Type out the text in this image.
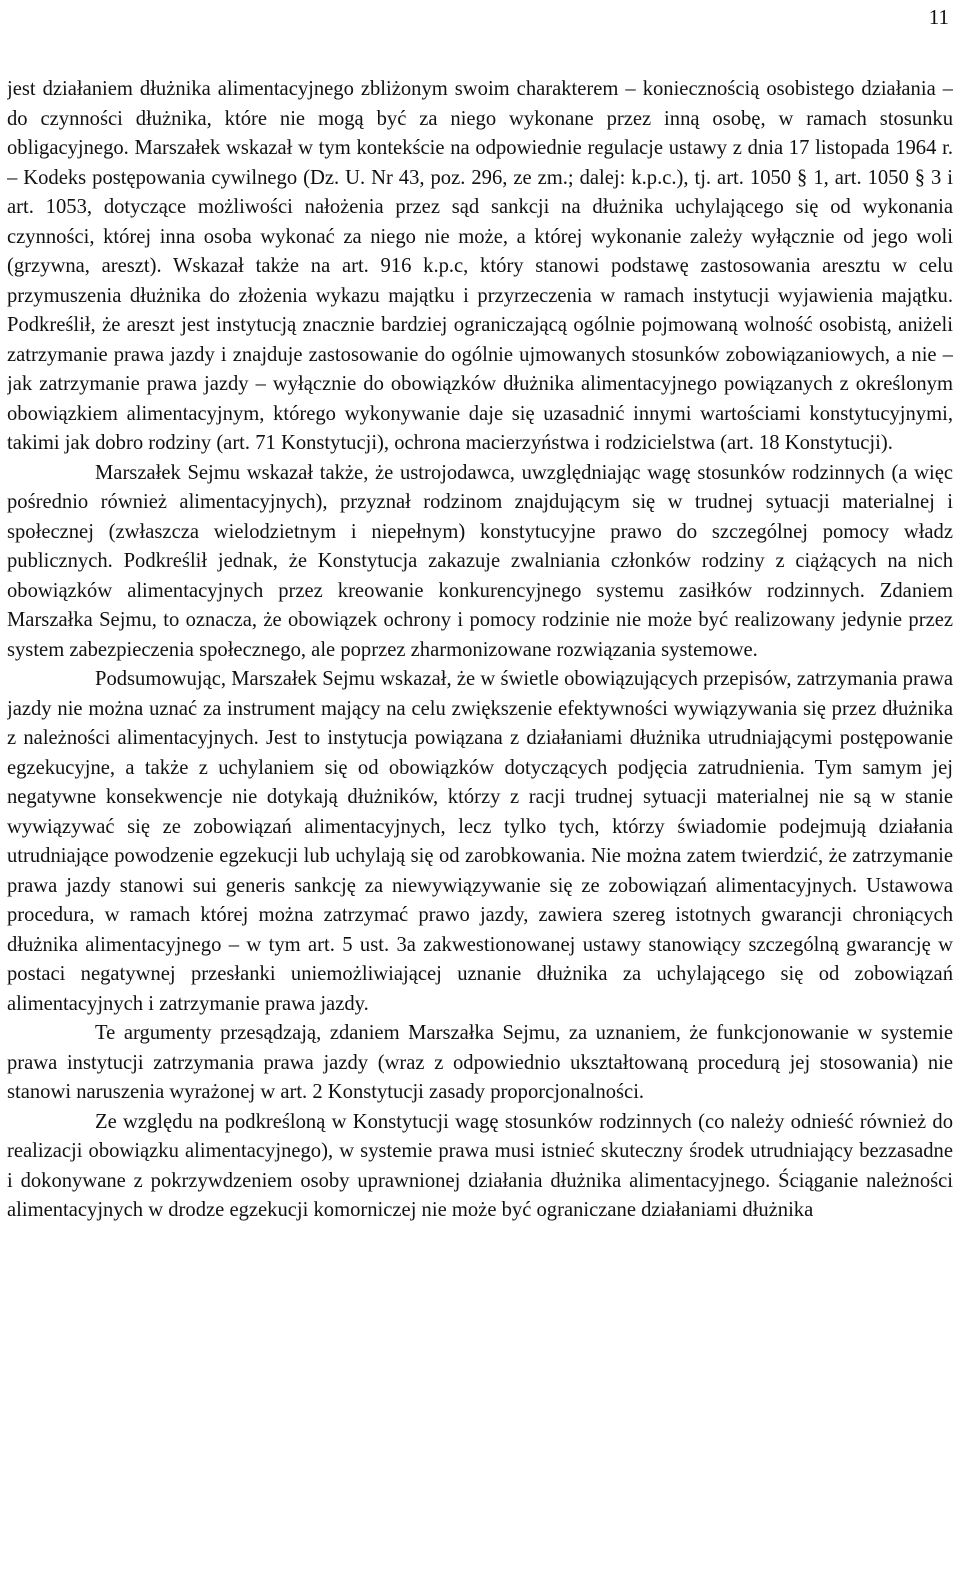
11

jest działaniem dłużnika alimentacyjnego zbliżonym swoim charakterem – koniecznością osobistego działania – do czynności dłużnika, które nie mogą być za niego wykonane przez inną osobę, w ramach stosunku obligacyjnego. Marszałek wskazał w tym kontekście na odpowiednie regulacje ustawy z dnia 17 listopada 1964 r. – Kodeks postępowania cywilnego (Dz. U. Nr 43, poz. 296, ze zm.; dalej: k.p.c.), tj. art. 1050 § 1, art. 1050 § 3 i art. 1053, dotyczące możliwości nałożenia przez sąd sankcji na dłużnika uchylającego się od wykonania czynności, której inna osoba wykonać za niego nie może, a której wykonanie zależy wyłącznie od jego woli (grzywna, areszt). Wskazał także na art. 916 k.p.c, który stanowi podstawę zastosowania aresztu w celu przymuszenia dłużnika do złożenia wykazu majątku i przyrzeczenia w ramach instytucji wyjawienia majątku. Podkreślił, że areszt jest instytucją znacznie bardziej ograniczającą ogólnie pojmowaną wolność osobistą, aniżeli zatrzymanie prawa jazdy i znajduje zastosowanie do ogólnie ujmowanych stosunków zobowiązaniowych, a nie – jak zatrzymanie prawa jazdy – wyłącznie do obowiązków dłużnika alimentacyjnego powiązanych z określonym obowiązkiem alimentacyjnym, którego wykonywanie daje się uzasadnić innymi wartościami konstytucyjnymi, takimi jak dobro rodziny (art. 71 Konstytucji), ochrona macierzyństwa i rodzicielstwa (art. 18 Konstytucji).

Marszałek Sejmu wskazał także, że ustrojodawca, uwzględniając wagę stosunków rodzinnych (a więc pośrednio również alimentacyjnych), przyznał rodzinom znajdującym się w trudnej sytuacji materialnej i społecznej (zwłaszcza wielodzietnym i niepełnym) konstytucyjne prawo do szczególnej pomocy władz publicznych. Podkreślił jednak, że Konstytucja zakazuje zwalniania członków rodziny z ciążących na nich obowiązków alimentacyjnych przez kreowanie konkurencyjnego systemu zasiłków rodzinnych. Zdaniem Marszałka Sejmu, to oznacza, że obowiązek ochrony i pomocy rodzinie nie może być realizowany jedynie przez system zabezpieczenia społecznego, ale poprzez zharmonizowane rozwiązania systemowe.

Podsumowując, Marszałek Sejmu wskazał, że w świetle obowiązujących przepisów, zatrzymania prawa jazdy nie można uznać za instrument mający na celu zwiększenie efektywności wywiązywania się przez dłużnika z należności alimentacyjnych. Jest to instytucja powiązana z działaniami dłużnika utrudniającymi postępowanie egzekucyjne, a także z uchylaniem się od obowiązków dotyczących podjęcia zatrudnienia. Tym samym jej negatywne konsekwencje nie dotykają dłużników, którzy z racji trudnej sytuacji materialnej nie są w stanie wywiązywać się ze zobowiązań alimentacyjnych, lecz tylko tych, którzy świadomie podejmują działania utrudniające powodzenie egzekucji lub uchylają się od zarobkowania. Nie można zatem twierdzić, że zatrzymanie prawa jazdy stanowi sui generis sankcję za niewywiązywanie się ze zobowiązań alimentacyjnych. Ustawowa procedura, w ramach której można zatrzymać prawo jazdy, zawiera szereg istotnych gwarancji chroniących dłużnika alimentacyjnego – w tym art. 5 ust. 3a zakwestionowanej ustawy stanowiący szczególną gwarancję w postaci negatywnej przesłanki uniemożliwiającej uznanie dłużnika za uchylającego się od zobowiązań alimentacyjnych i zatrzymanie prawa jazdy.

Te argumenty przesądzają, zdaniem Marszałka Sejmu, za uznaniem, że funkcjonowanie w systemie prawa instytucji zatrzymania prawa jazdy (wraz z odpowiednio ukształtowaną procedurą jej stosowania) nie stanowi naruszenia wyrażonej w art. 2 Konstytucji zasady proporcjonalności.

Ze względu na podkreśloną w Konstytucji wagę stosunków rodzinnych (co należy odnieść również do realizacji obowiązku alimentacyjnego), w systemie prawa musi istnieć skuteczny środek utrudniający bezzasadne i dokonywane z pokrzywdzeniem osoby uprawnionej działania dłużnika alimentacyjnego. Ściąganie należności alimentacyjnych w drodze egzekucji komorniczej nie może być ograniczane działaniami dłużnika
